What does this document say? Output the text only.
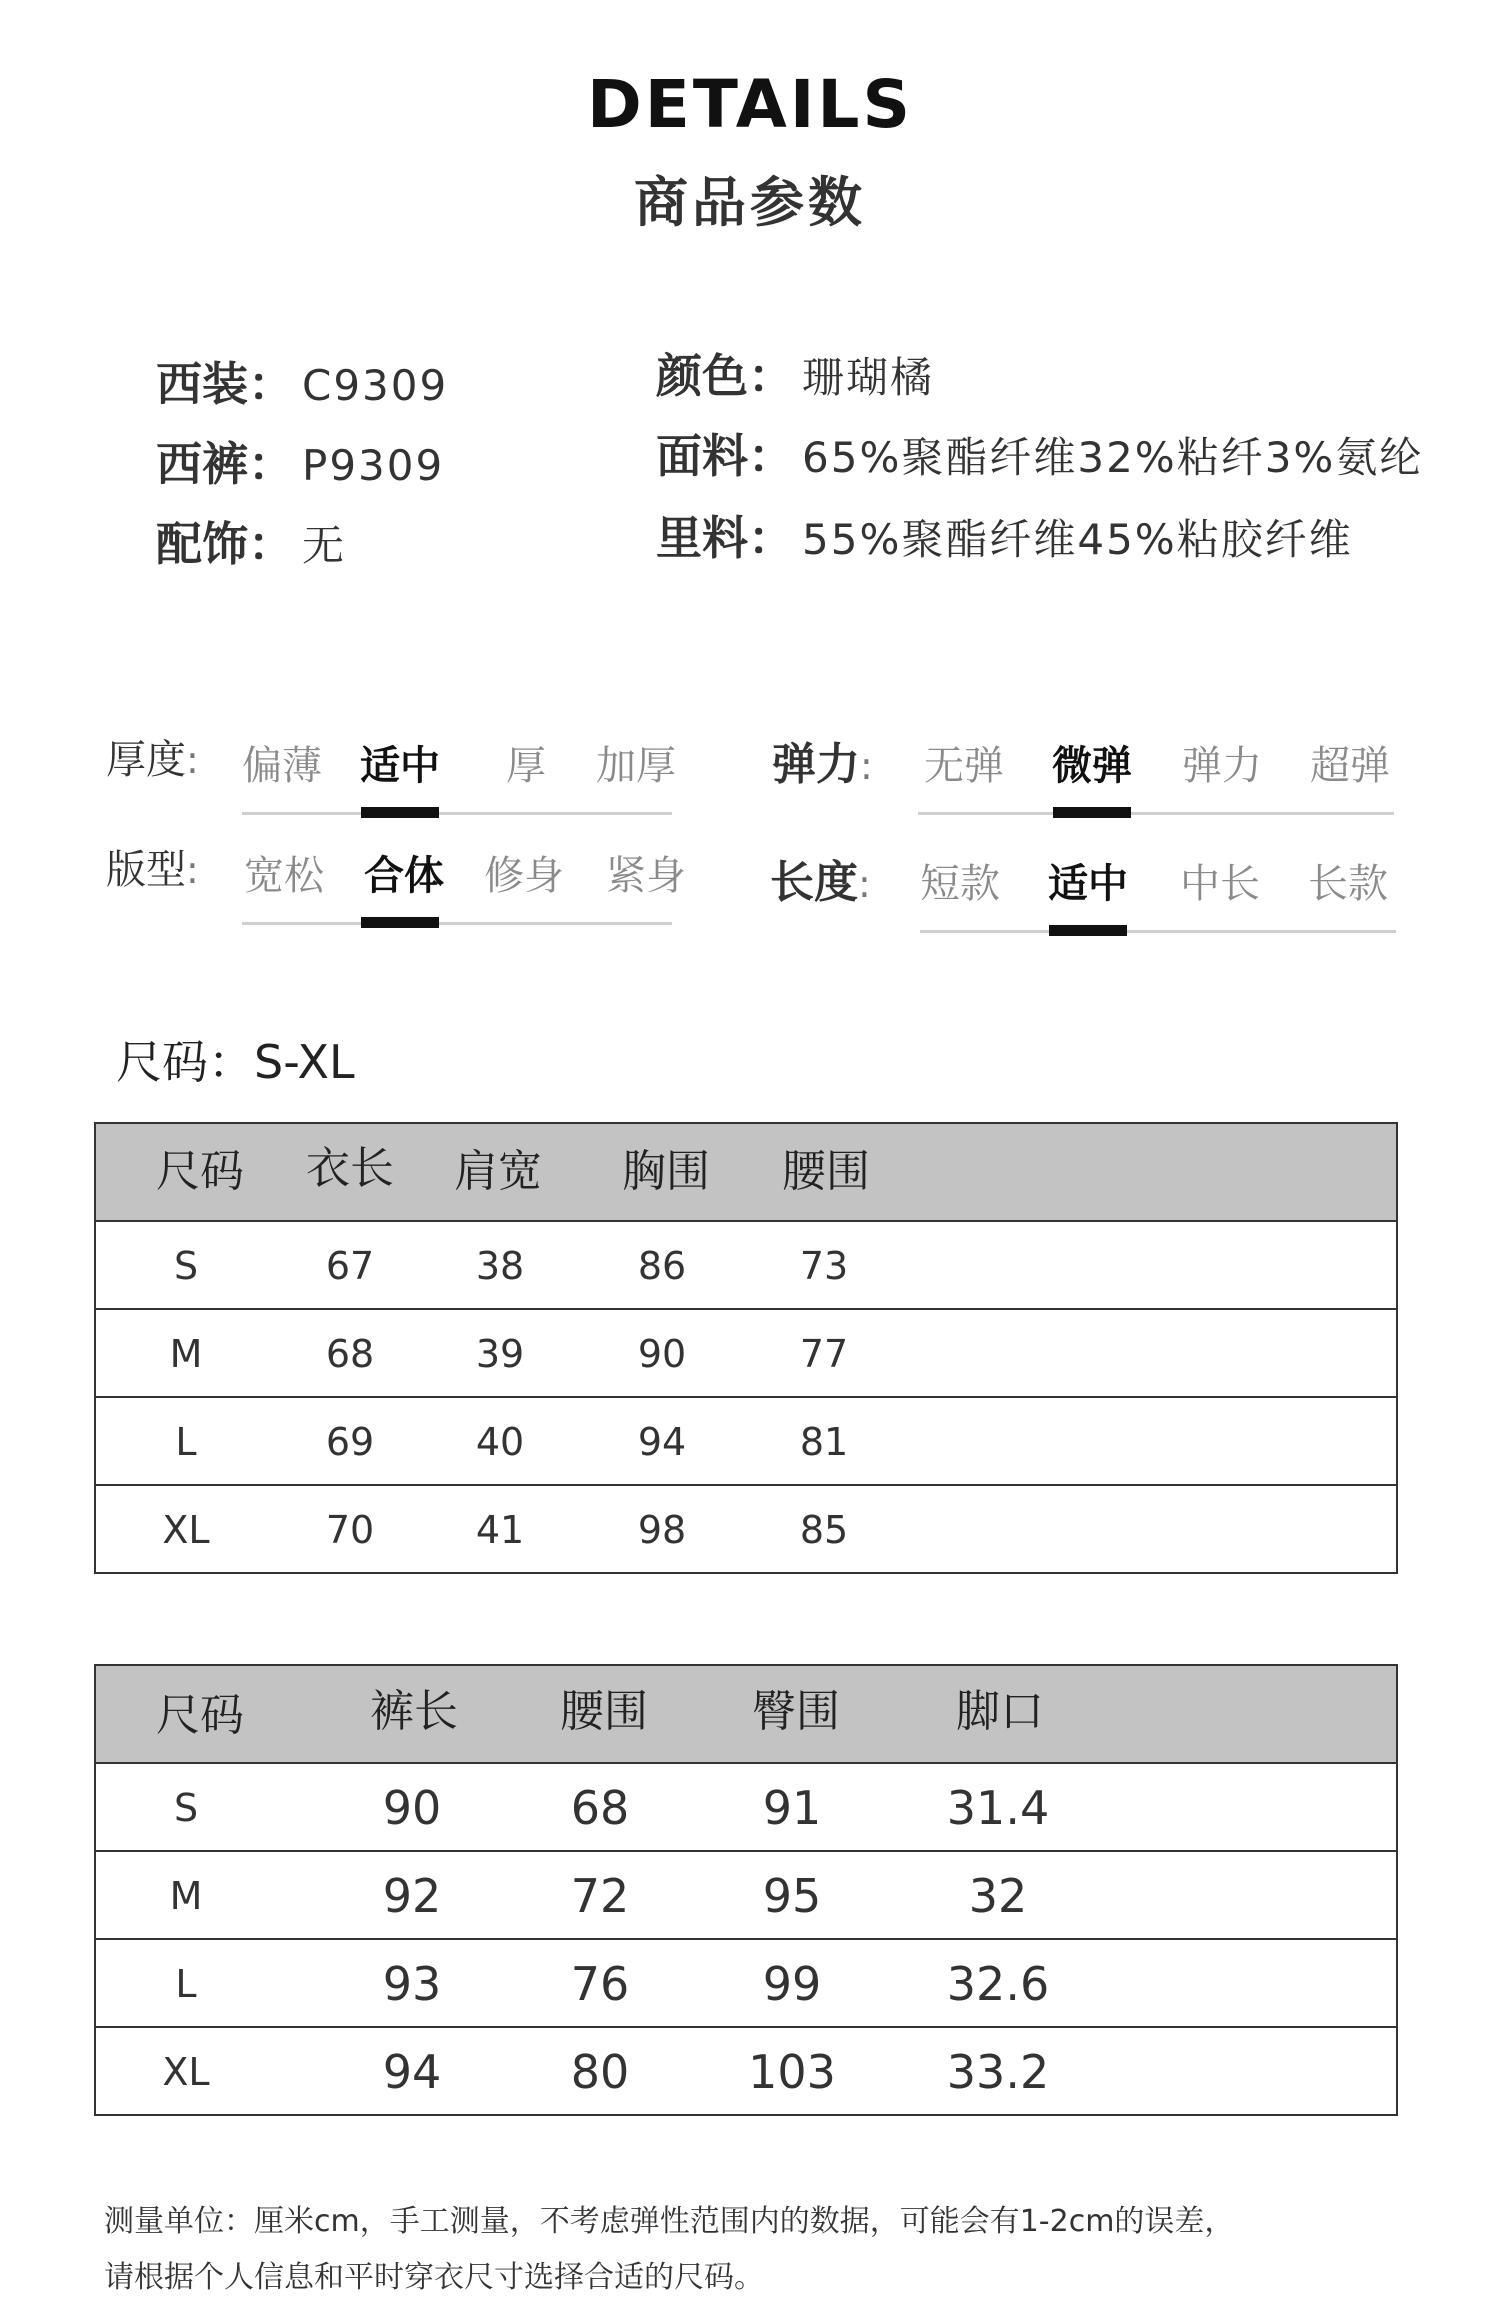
DETAILS
商品参数
西装： C9309
西裤： P9309
配饰： 无
颜色： 珊瑚橘
面料： 65%聚酯纤维32%粘纤3%氨纶
里料： 55%聚酯纤维45%粘胶纤维
厚度: 偏薄 适中 厚 加厚
版型: 宽松 合体 修身 紧身
弹力: 无弹 微弹 弹力 超弹
长度: 短款 适中 中长 长款
尺码：S-XL
尺码 衣长 肩宽 胸围 腰围
S	67	38	86	73
M	68	39	90	77
L	69	40	94	81
XL	70	41	98	85
尺码	裤长 腰围 臀围	脚口
S	90	68	91	31.4
M	92	72	95	32
L	93	76	99	32.6
XL	94	80	103 33.2
测量单位：厘米cm，手工测量，不考虑弹性范围内的数据，可能会有1-2cm的误差，
请根据个人信息和平时穿衣尺寸选择合适的尺码。
